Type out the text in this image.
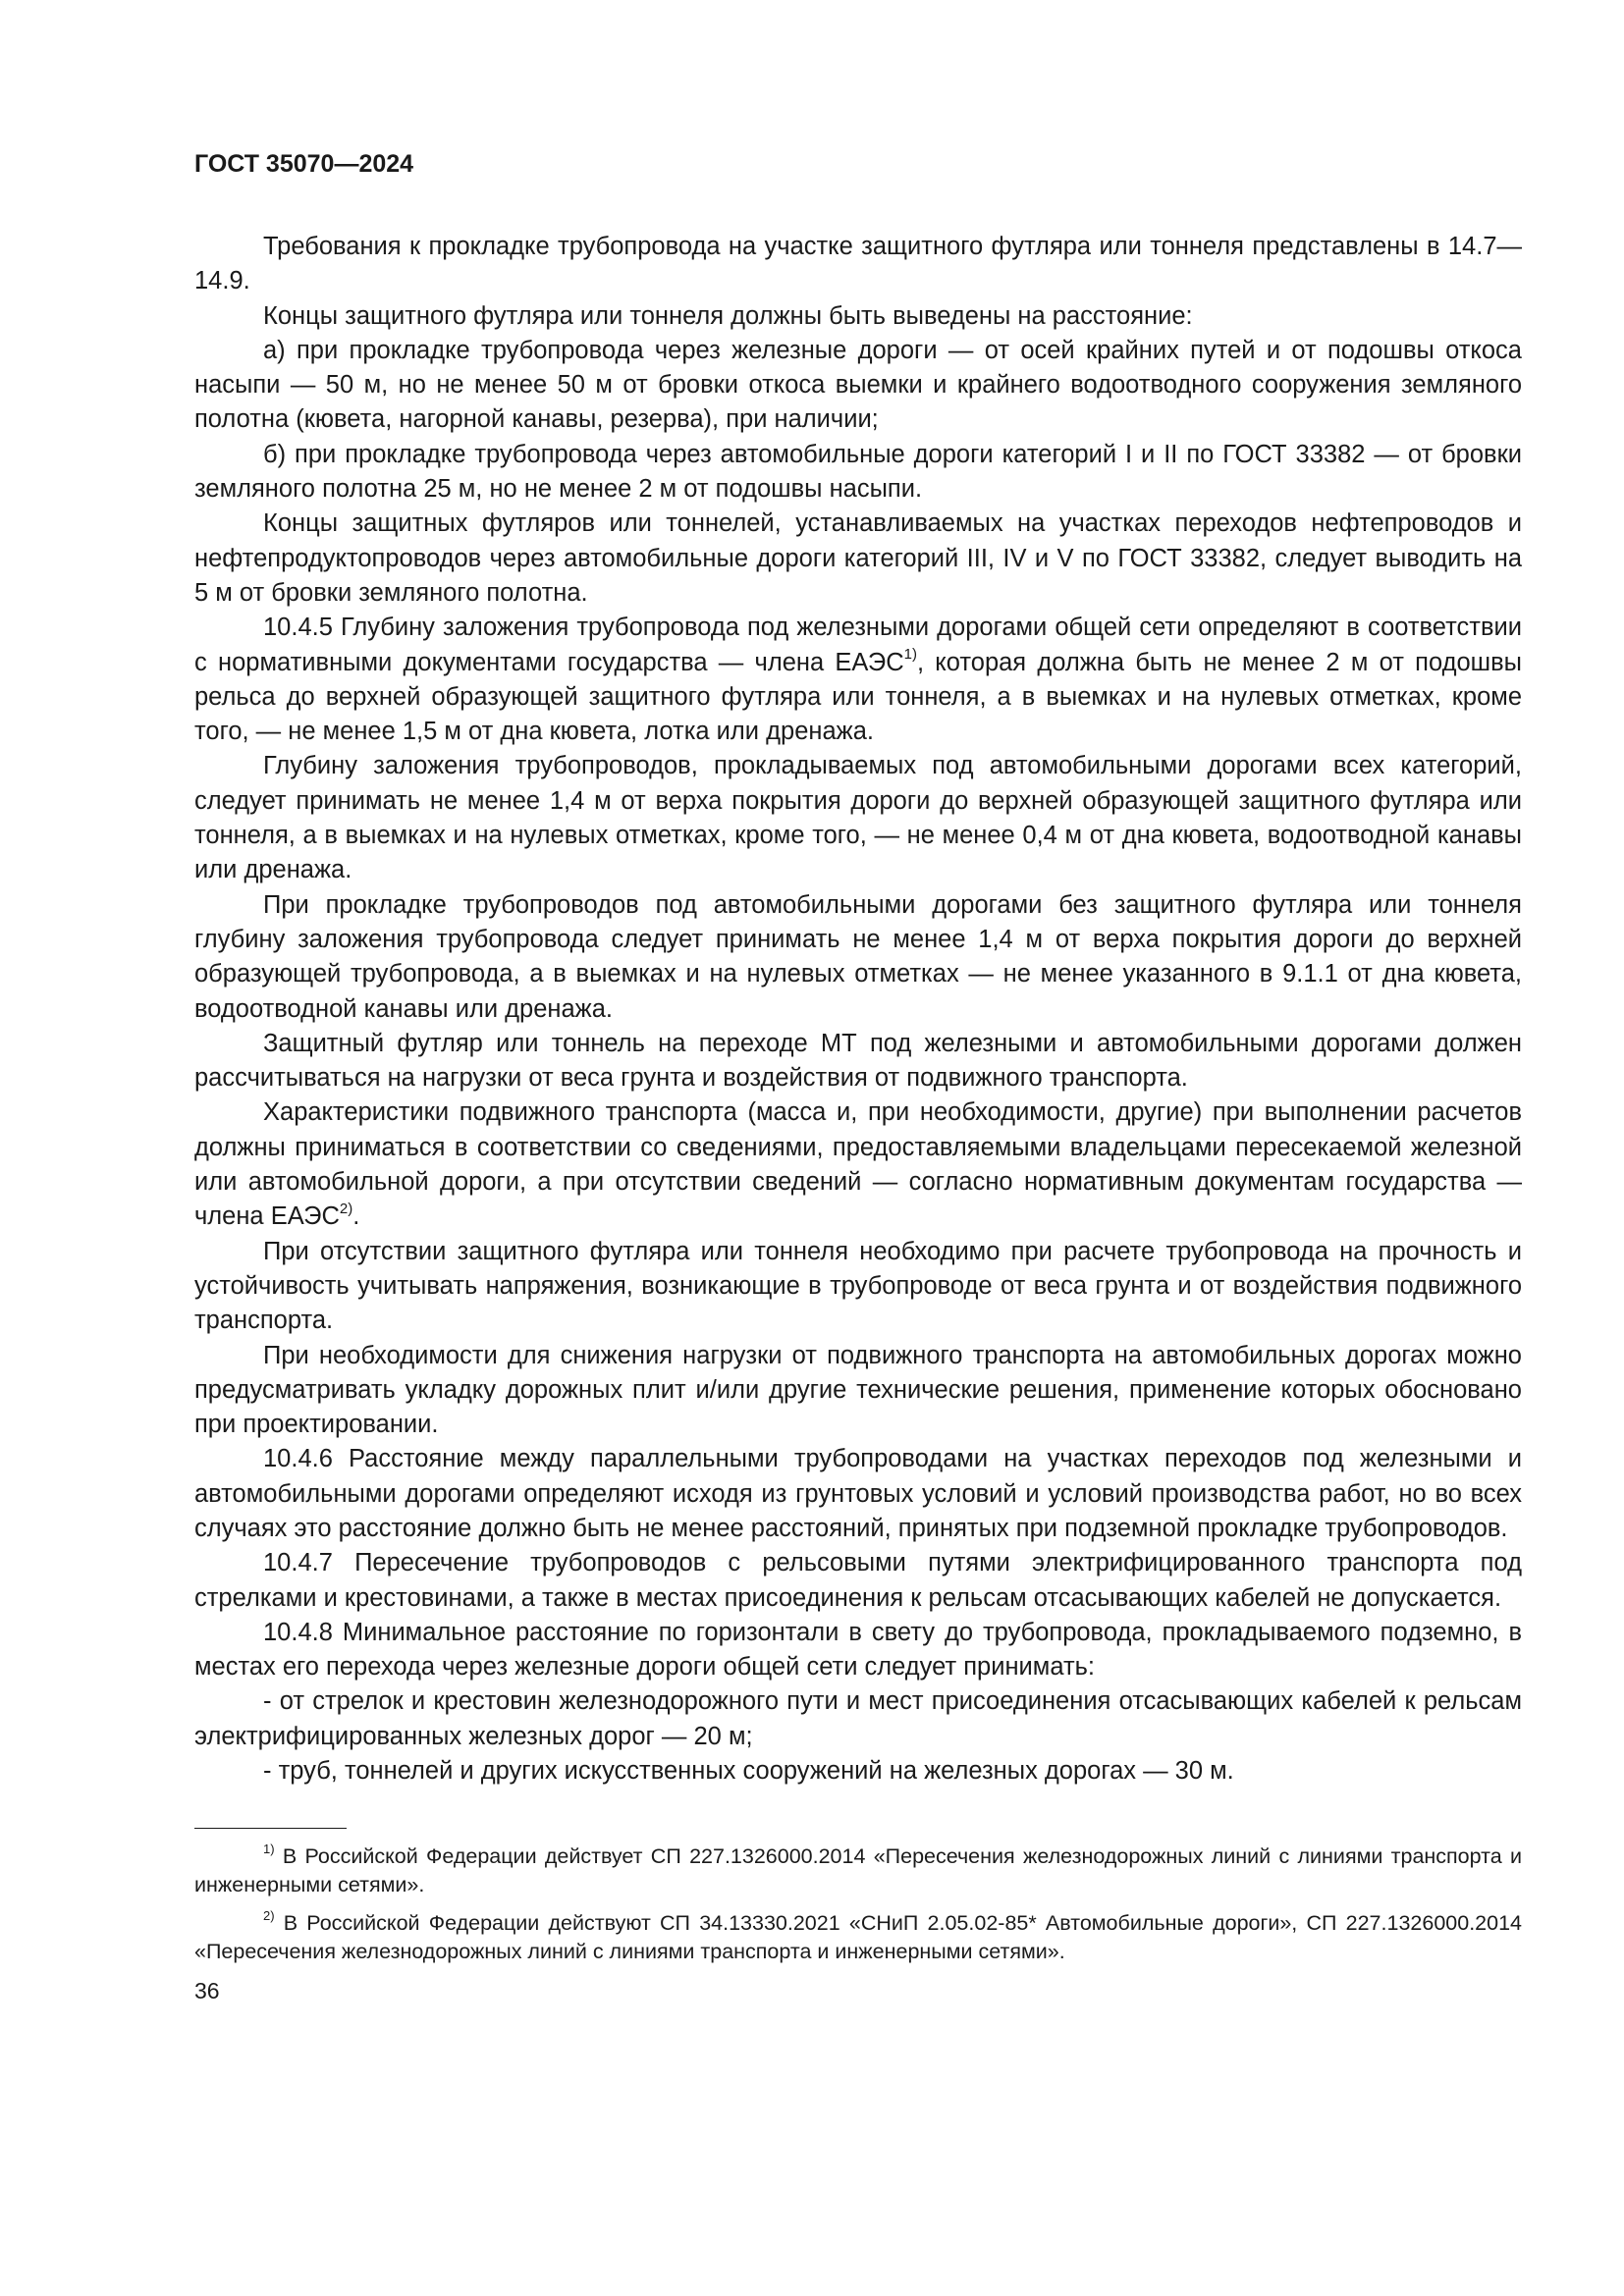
ГОСТ 35070—2024

Требования к прокладке трубопровода на участке защитного футляра или тоннеля представлены в 14.7—14.9.

Концы защитного футляра или тоннеля должны быть выведены на расстояние:

а) при прокладке трубопровода через железные дороги — от осей крайних путей и от подошвы откоса насыпи — 50 м, но не менее 50 м от бровки откоса выемки и крайнего водоотводного сооружения земляного полотна (кювета, нагорной канавы, резерва), при наличии;

б) при прокладке трубопровода через автомобильные дороги категорий I и II по ГОСТ 33382 — от бровки земляного полотна 25 м, но не менее 2 м от подошвы насыпи.

Концы защитных футляров или тоннелей, устанавливаемых на участках переходов нефтепроводов и нефтепродуктопроводов через автомобильные дороги категорий III, IV и V по ГОСТ 33382, следует выводить на 5 м от бровки земляного полотна.

10.4.5 Глубину заложения трубопровода под железными дорогами общей сети определяют в соответствии с нормативными документами государства — члена ЕАЭС$^{1)}$, которая должна быть не менее 2 м от подошвы рельса до верхней образующей защитного футляра или тоннеля, а в выемках и на нулевых отметках, кроме того, — не менее 1,5 м от дна кювета, лотка или дренажа.

Глубину заложения трубопроводов, прокладываемых под автомобильными дорогами всех категорий, следует принимать не менее 1,4 м от верха покрытия дороги до верхней образующей защитного футляра или тоннеля, а в выемках и на нулевых отметках, кроме того, — не менее 0,4 м от дна кювета, водоотводной канавы или дренажа.

При прокладке трубопроводов под автомобильными дорогами без защитного футляра или тоннеля глубину заложения трубопровода следует принимать не менее 1,4 м от верха покрытия дороги до верхней образующей трубопровода, а в выемках и на нулевых отметках — не менее указанного в 9.1.1 от дна кювета, водоотводной канавы или дренажа.

Защитный футляр или тоннель на переходе МТ под железными и автомобильными дорогами должен рассчитываться на нагрузки от веса грунта и воздействия от подвижного транспорта.

Характеристики подвижного транспорта (масса и, при необходимости, другие) при выполнении расчетов должны приниматься в соответствии со сведениями, предоставляемыми владельцами пересекаемой железной или автомобильной дороги, а при отсутствии сведений — согласно нормативным документам государства — члена ЕАЭС$^{2)}$.

При отсутствии защитного футляра или тоннеля необходимо при расчете трубопровода на прочность и устойчивость учитывать напряжения, возникающие в трубопроводе от веса грунта и от воздействия подвижного транспорта.

При необходимости для снижения нагрузки от подвижного транспорта на автомобильных дорогах можно предусматривать укладку дорожных плит и/или другие технические решения, применение которых обосновано при проектировании.

10.4.6 Расстояние между параллельными трубопроводами на участках переходов под железными и автомобильными дорогами определяют исходя из грунтовых условий и условий производства работ, но во всех случаях это расстояние должно быть не менее расстояний, принятых при подземной прокладке трубопроводов.

10.4.7 Пересечение трубопроводов с рельсовыми путями электрифицированного транспорта под стрелками и крестовинами, а также в местах присоединения к рельсам отсасывающих кабелей не допускается.

10.4.8 Минимальное расстояние по горизонтали в свету до трубопровода, прокладываемого подземно, в местах его перехода через железные дороги общей сети следует принимать:

- от стрелок и крестовин железнодорожного пути и мест присоединения отсасывающих кабелей к рельсам электрифицированных железных дорог — 20 м;

- труб, тоннелей и других искусственных сооружений на железных дорогах — 30 м.

$^{1)}$ В Российской Федерации действует СП 227.1326000.2014 «Пересечения железнодорожных линий с линиями транспорта и инженерными сетями».

$^{2)}$ В Российской Федерации действуют СП 34.13330.2021 «СНиП 2.05.02-85* Автомобильные дороги», СП 227.1326000.2014 «Пересечения железнодорожных линий с линиями транспорта и инженерными сетями».

36
